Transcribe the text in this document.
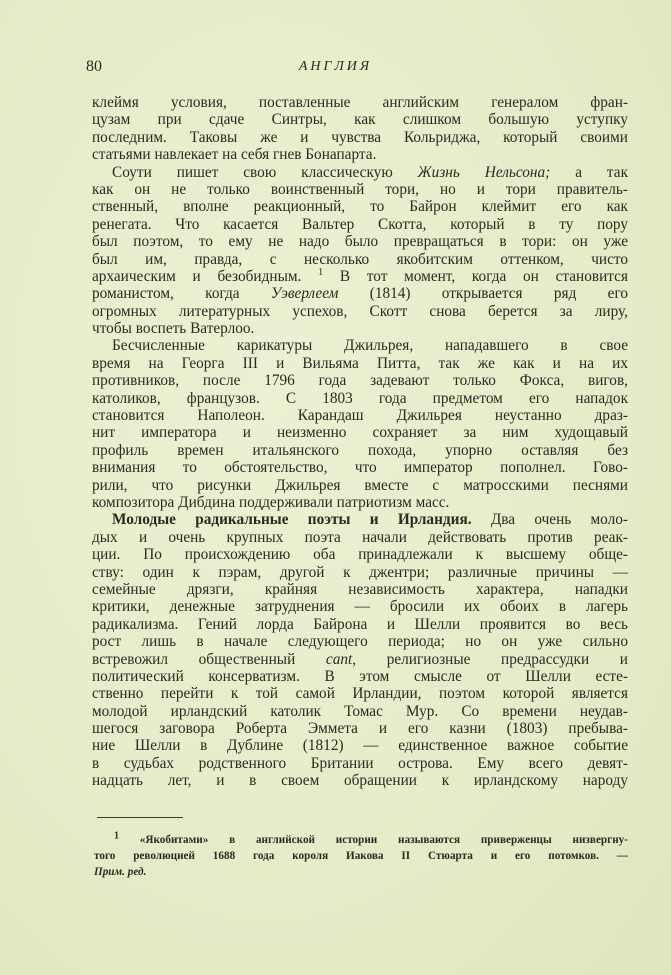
80	АНГЛИЯ
клеймя условия, поставленные английским генералом фран-
цузам при сдаче Синтры, как слишком большую уступку
последним. Таковы же и чувства Кольриджа, который своими
статьями навлекает на себя гнев Бонапарта.
Соути пишет свою классическую Жизнь Нельсона; а так
как он не только воинственный тори, но и тори правитель-
ственный, вполне реакционный, то Байрон клеймит его как
ренегата. Что касается Вальтер Скотта, который в ту пору
был поэтом, то ему не надо было превращаться в тори: он уже
был им, правда, с несколько якобитским оттенком, чисто
архаическим и безобидным. $^1$ В тот момент, когда он становится
романистом, когда Уэверлеем (1814) открывается ряд его
огромных литературных успехов, Скотт снова берется за лиру,
чтобы воспеть Ватерлоо.
Бесчисленные карикатуры Джильрея, нападавшего в свое
время на Георга III и Вильяма Питта, так же как и на их
противников, после 1796 года задевают только Фокса, вигов,
католиков, французов. С 1803 года предметом его нападок
становится Наполеон. Карандаш Джильрея неустанно драз-
нит императора и неизменно сохраняет за ним худощавый
профиль времен итальянского похода, упорно оставляя без
внимания то обстоятельство, что император пополнел. Гово-
рили, что рисунки Джильрея вместе с матросскими песнями
композитора Дибдина поддерживали патриотизм масс.
Молодые радикальные поэты и Ирландия. Два очень моло-
дых и очень крупных поэта начали действовать против реак-
ции. По происхождению оба принадлежали к высшему обще-
ству: один к пэрам, другой к джентри; различные причины —
семейные дрязги, крайняя независимость характера, нападки
критики, денежные затруднения — бросили их обоих в лагерь
радикализма. Гений лорда Байрона и Шелли проявится во весь
рост лишь в начале следующего периода; но он уже сильно
встревожил общественный cant, религиозные предрассудки и
политический консерватизм. В этом смысле от Шелли есте-
ственно перейти к той самой Ирландии, поэтом которой является
молодой ирландский католик Томас Мур. Со времени неудав-
шегося заговора Роберта Эммета и его казни (1803) пребыва-
ние Шелли в Дублине (1812) — единственное важное событие
в судьбах родственного Британии острова. Ему всего девят-
надцать лет, и в своем обращении к ирландскому народу
1 «Якобитами» в английской истории называются приверженцы низвергну-
того революцией 1688 года короля Иакова II Стюарта и его потомков. —
Прим. ред.
